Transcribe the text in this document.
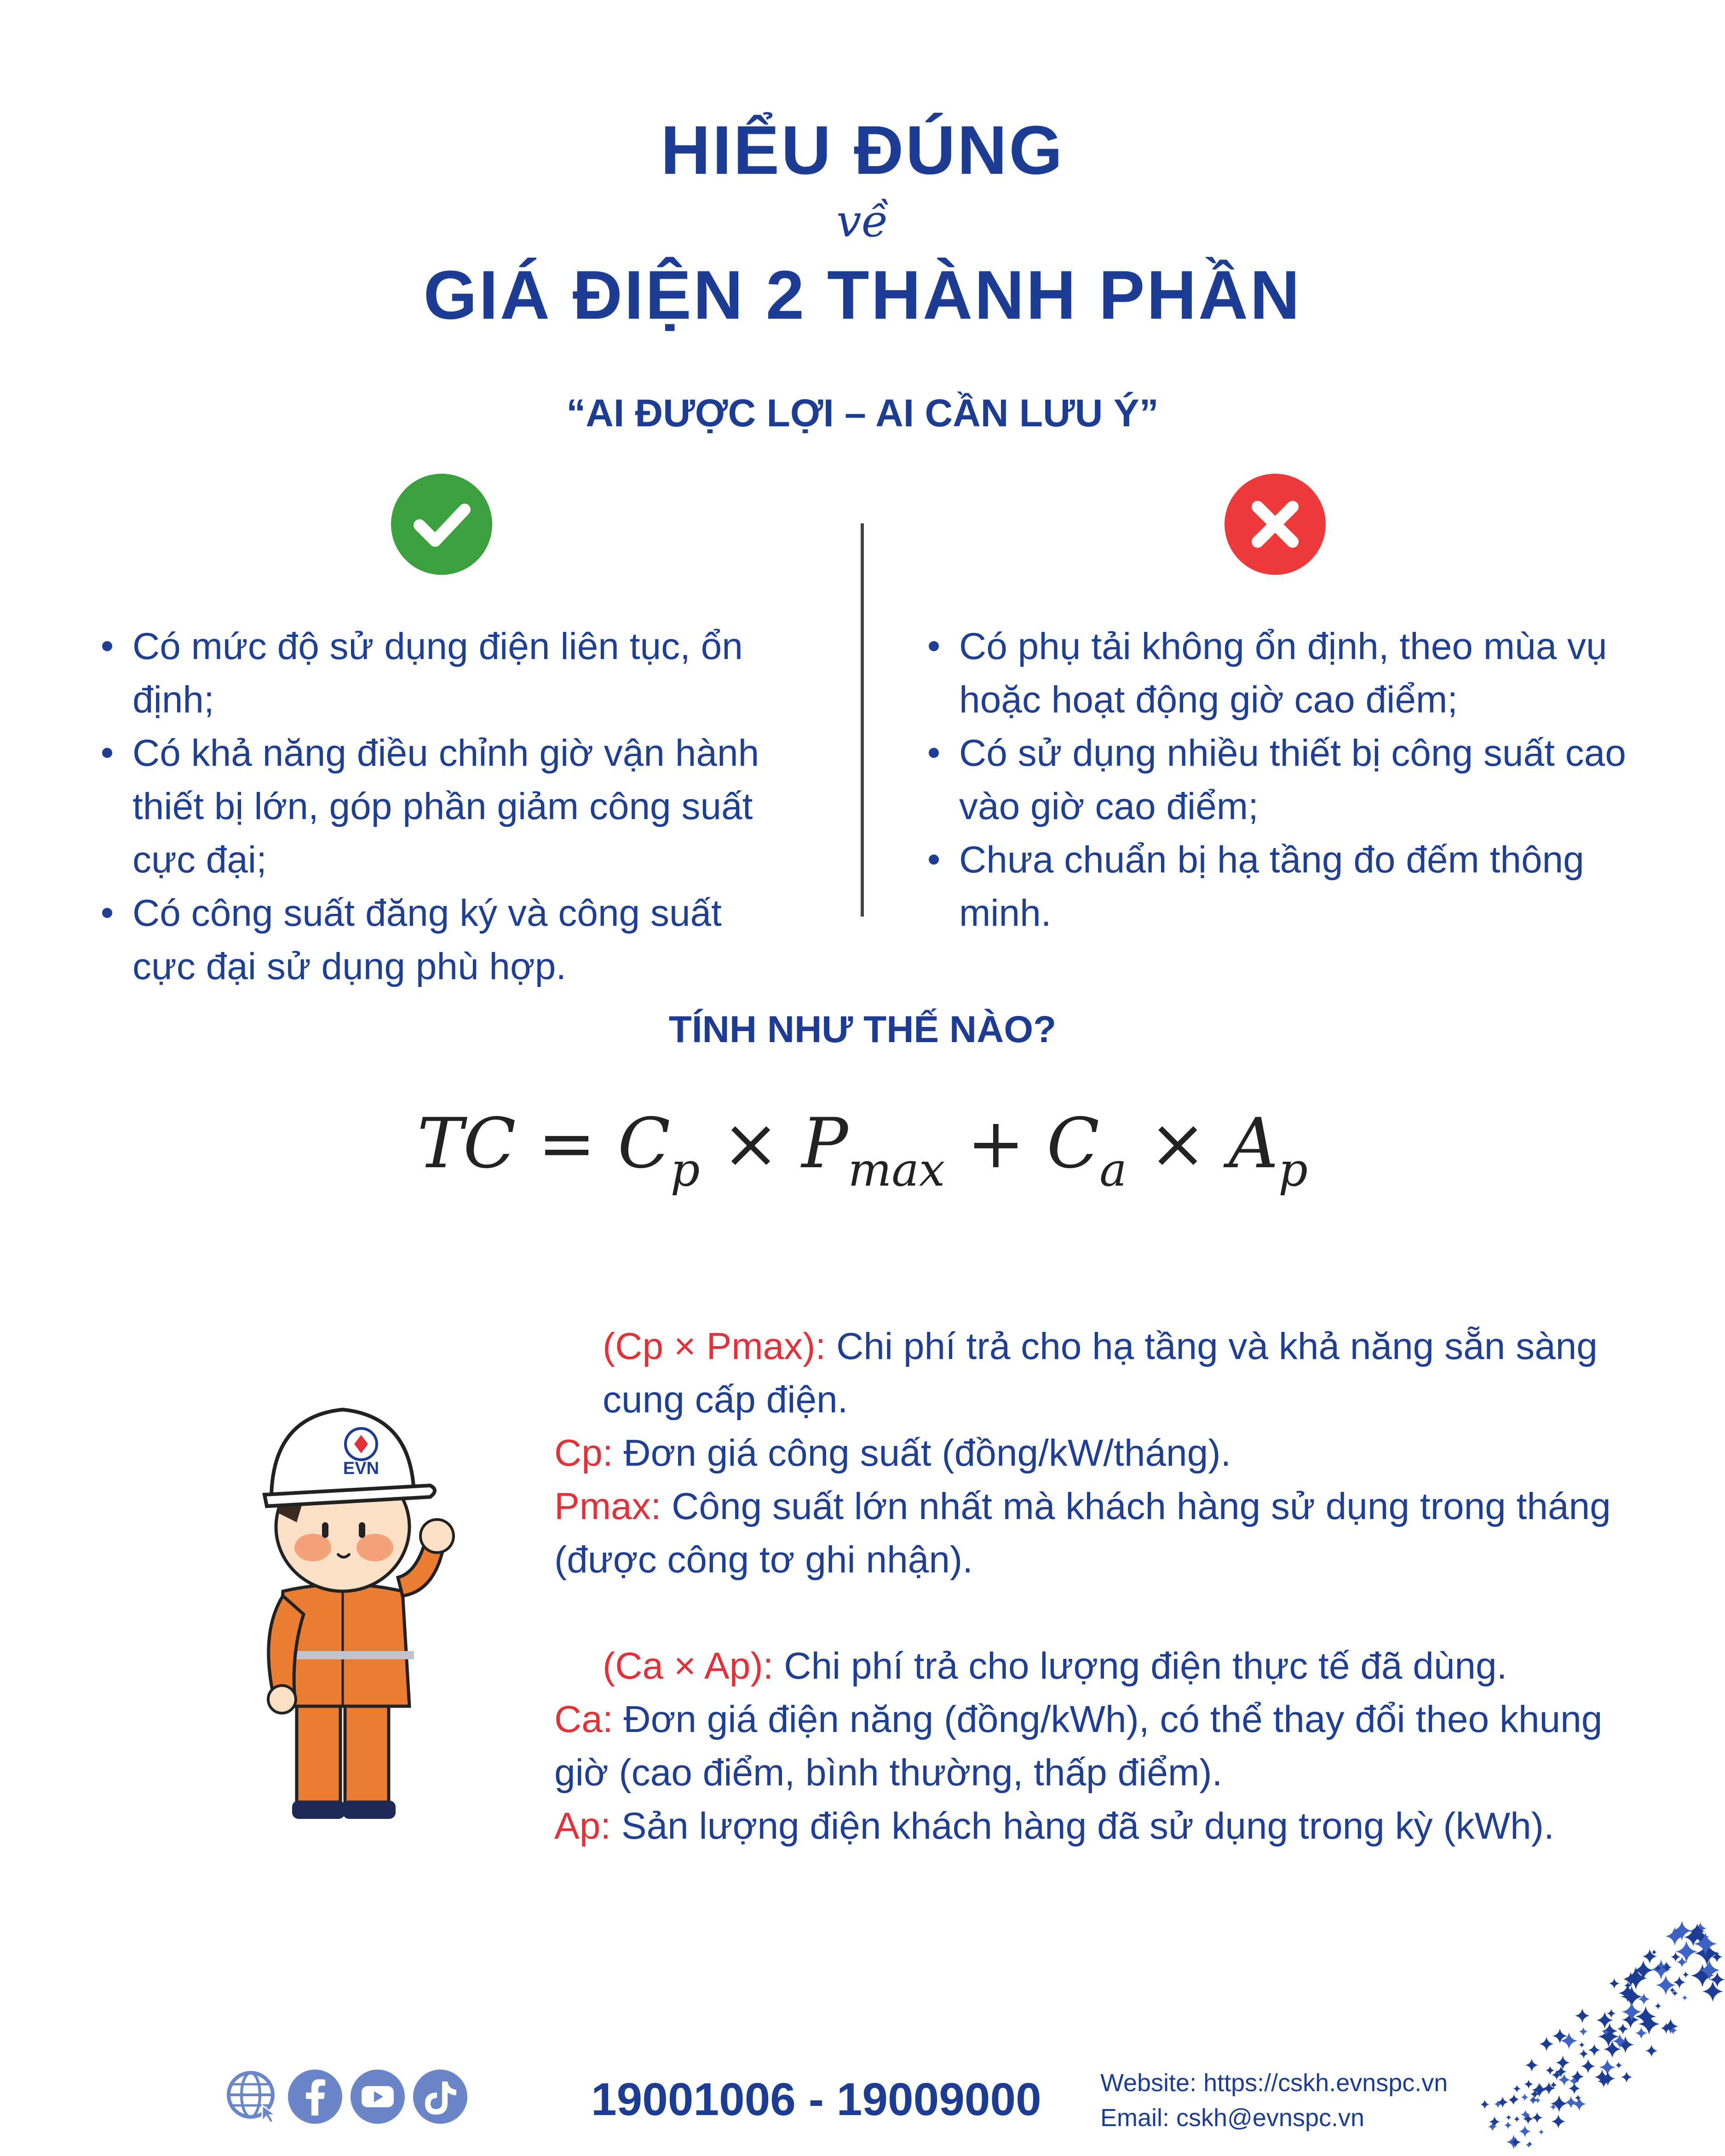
HIỂU ĐÚNG
về
GIÁ ĐIỆN 2 THÀNH PHẦN
“AI ĐƯỢC LỢI – AI CẦN LƯU Ý”
Có mức độ sử dụng điện liên tục, ổn định;
Có khả năng điều chỉnh giờ vận hành thiết bị lớn, góp phần giảm công suất cực đại;
Có công suất đăng ký và công suất cực đại sử dụng phù hợp.
Có phụ tải không ổn định, theo mùa vụ hoặc hoạt động giờ cao điểm;
Có sử dụng nhiều thiết bị công suất cao vào giờ cao điểm;
Chưa chuẩn bị hạ tầng đo đếm thông minh.
TÍNH NHƯ THẾ NÀO?
TC = $C_p \times P_{max} + C_a \times A_p$
EVN

(Cp × Pmax): Chi phí trả cho hạ tầng và khả năng sẵn sàng cung cấp điện.

Cp: Đơn giá công suất (đồng/kW/tháng).

Pmax: Công suất lớn nhất mà khách hàng sử dụng trong tháng (được công tơ ghi nhận).

(Ca × Ap): Chi phí trả cho lượng điện thực tế đã dùng.

Ca: Đơn giá điện năng (đồng/kWh), có thể thay đổi theo khung giờ (cao điểm, bình thường, thấp điểm).

Ap: Sản lượng điện khách hàng đã sử dụng trong kỳ (kWh).

19001006 - 19009000 Website: https://cskh.evnspc.vn
Email: cskh@evnspc.vn
